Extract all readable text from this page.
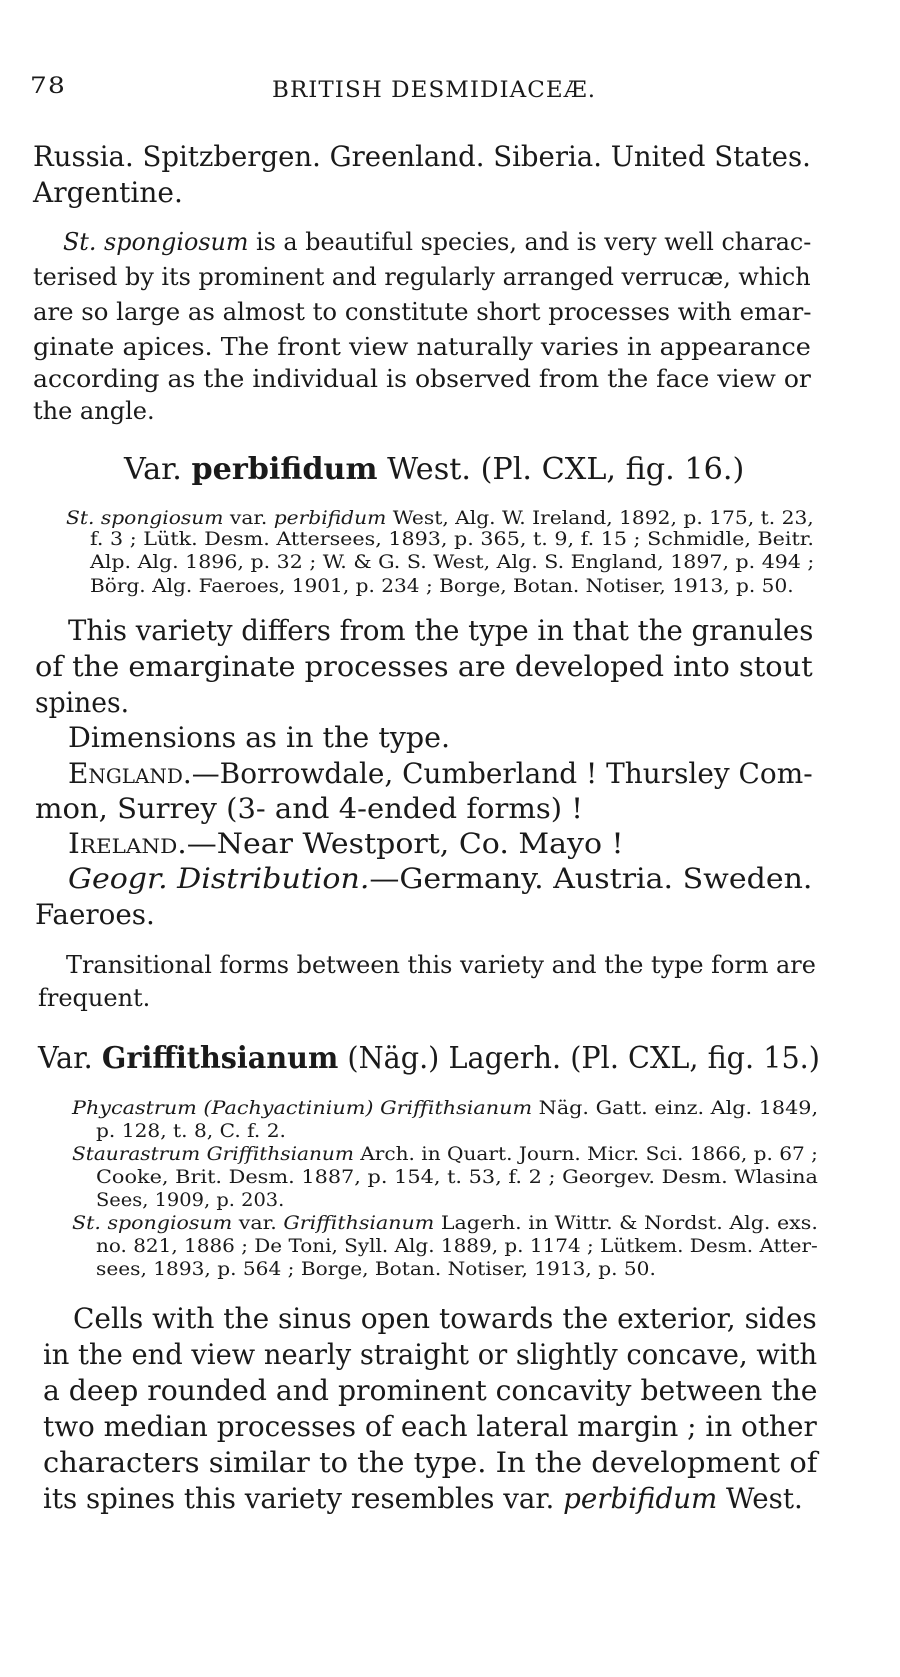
78	BRITISH DESMIDIACEÆ.
Russia. Spitzbergen. Greenland. Siberia. United States.
Argentine.
St. spongiosum is a beautiful species, and is very well charac-
terised by its prominent and regularly arranged verrucæ, which
are so large as almost to constitute short processes with emar-
ginate apices. The front view naturally varies in appearance
according as the individual is observed from the face view or
the angle.
Var. perbifidum West. (Pl. CXL, fig. 16.)
St. spongiosum var. perbifidum West, Alg. W. Ireland, 1892, p. 175, t. 23,
f. 3 ; Lütk. Desm. Attersees, 1893, p. 365, t. 9, f. 15 ; Schmidle, Beitr.
Alp. Alg. 1896, p. 32 ; W. & G. S. West, Alg. S. England, 1897, p. 494 ;
Börg. Alg. Faeroes, 1901, p. 234 ; Borge, Botan. Notiser, 1913, p. 50.
This variety differs from the type in that the granules
of the emarginate processes are developed into stout
spines.
Dimensions as in the type.
England.—Borrowdale, Cumberland ! Thursley Com-
mon, Surrey (3- and 4-ended forms) !
Ireland.—Near Westport, Co. Mayo !
Geogr. Distribution.—Germany. Austria. Sweden.
Faeroes.
Transitional forms between this variety and the type form are
frequent.
Var. Griffithsianum (Näg.) Lagerh. (Pl. CXL, fig. 15.)
Phycastrum (Pachyactinium) Griffithsianum Näg. Gatt. einz. Alg. 1849,
p. 128, t. 8, C. f. 2.
Staurastrum Griffithsianum Arch. in Quart. Journ. Micr. Sci. 1866, p. 67 ;
Cooke, Brit. Desm. 1887, p. 154, t. 53, f. 2 ; Georgev. Desm. Wlasina
Sees, 1909, p. 203.
St. spongiosum var. Griffithsianum Lagerh. in Wittr. & Nordst. Alg. exs.
no. 821, 1886 ; De Toni, Syll. Alg. 1889, p. 1174 ; Lütkem. Desm. Atter-
sees, 1893, p. 564 ; Borge, Botan. Notiser, 1913, p. 50.
Cells with the sinus open towards the exterior, sides
in the end view nearly straight or slightly concave, with
a deep rounded and prominent concavity between the
two median processes of each lateral margin ; in other
characters similar to the type. In the development of
its spines this variety resembles var. perbifidum West.
